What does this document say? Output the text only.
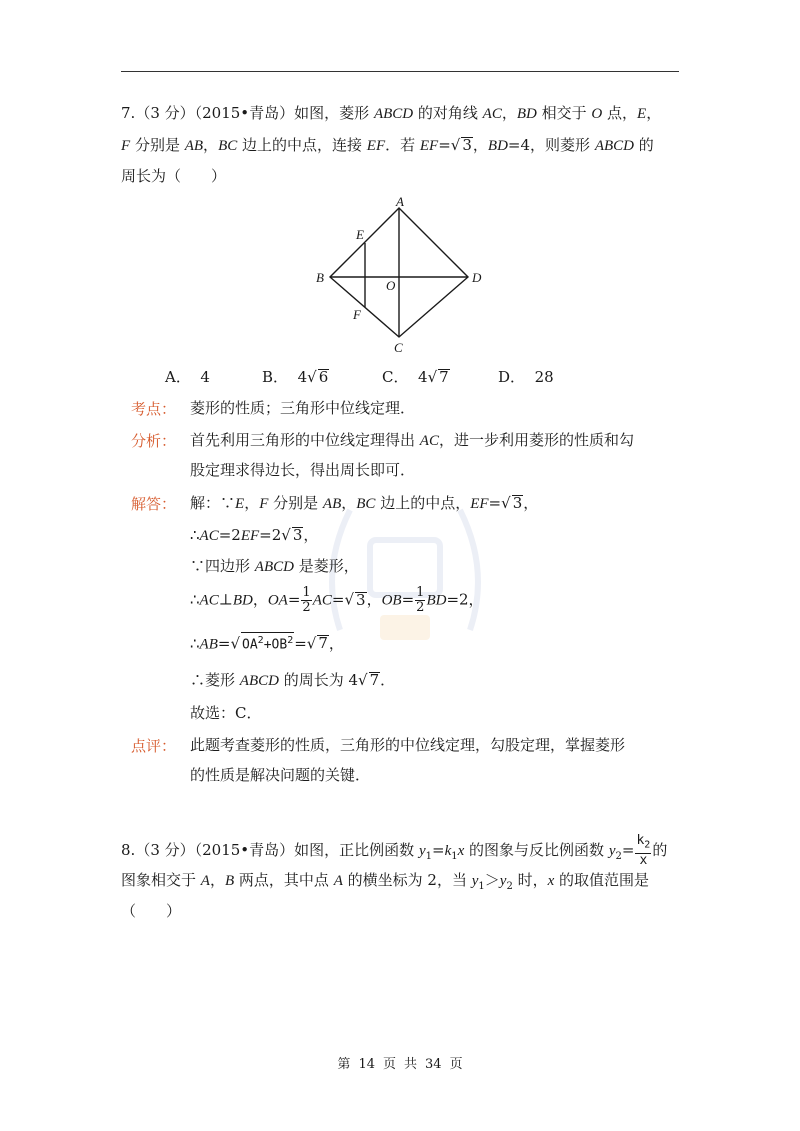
7.（3 分）（2015•青岛）如图，菱形 ABCD 的对角线 AC，BD 相交于 O 点，E，
F 分别是 AB，BC 边上的中点，连接 EF．若 EF=√ 3，BD=4，则菱形 ABCD 的
周长为（　　）
A
B
C
D
E
F
O
A． 4	B． 4√ 6	C． 4√ 7	D． 28
考点： 菱形的性质；三角形中位线定理．
分析： 首先利用三角形的中位线定理得出 AC，进一步利用菱形的性质和勾
股定理求得边长，得出周长即可．
解答： 解：∵E，F 分别是 AB，BC 边上的中点，EF=√ 3，
∴AC=2EF=2√ 3，
∵四边形 ABCD 是菱形，
∴AC⊥BD，$OA= \frac{1}{2} AC=√$ 3，$OB= \frac{1}{2} BD=2$，
∴AB=√ $OA^2+OB^2=√$ 7，
∴菱形 ABCD 的周长为 4√ 7．
故选：C．
点评： 此题考查菱形的性质，三角形的中位线定理，勾股定理，掌握菱形
的性质是解决问题的关键．
8.（3 分）（2015•青岛）如图，正比例函数 $y_1=k_1x$ 的图象与反比例函数 $y_2= \frac{k_2}{x}$ 的
图象相交于 A，B 两点，其中点 A 的横坐标为 2，当 $y_1>y_2$ 时，x 的取值范围是
（　　）
第 14 页 共 34 页
